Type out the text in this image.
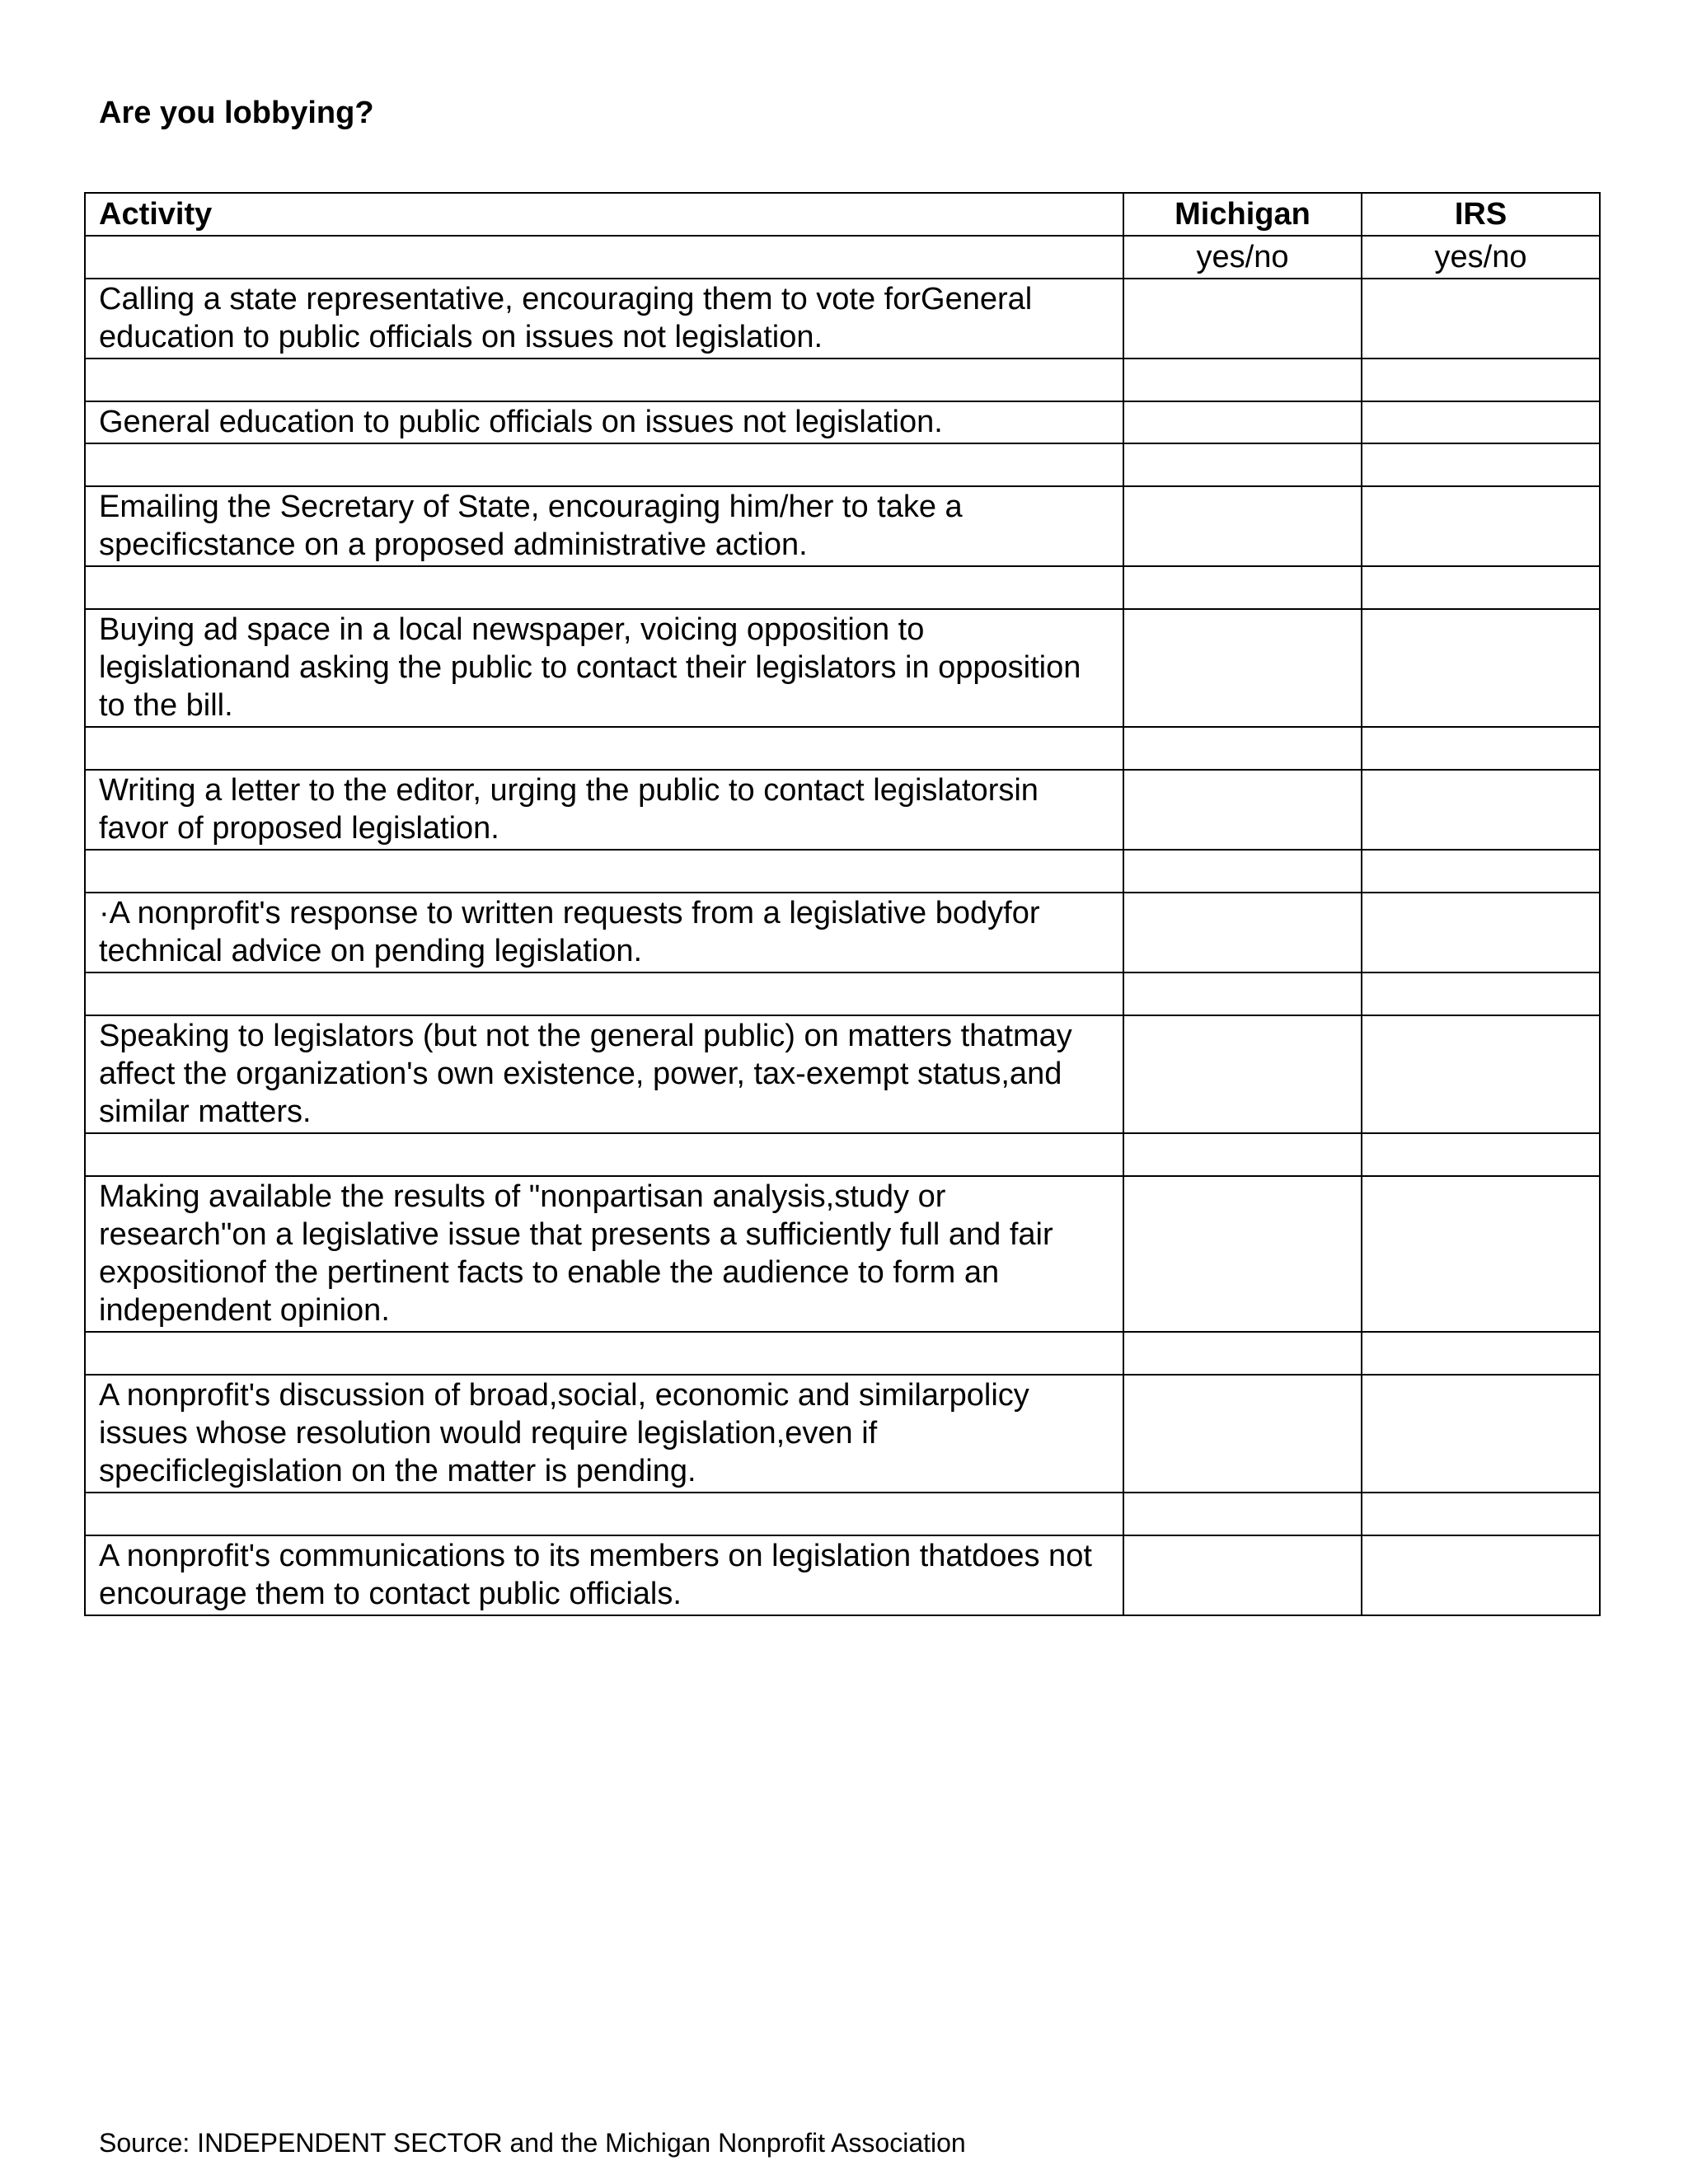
Are you lobbying?
Activity	Michigan	IRS
	yes/no	yes/no
Calling a state representative, encouraging them to vote forGeneral education to public officials on issues not legislation.		

General education to public officials on issues not legislation.		

Emailing the Secretary of State, encouraging him/her to take a specificstance on a proposed administrative action.		

Buying ad space in a local newspaper, voicing opposition to legislationand asking the public to contact their legislators in opposition to the bill.		

Writing a letter to the editor, urging the public to contact legislatorsin favor of proposed legislation.		

·A nonprofit's response to written requests from a legislative bodyfor technical advice on pending legislation.		

Speaking to legislators (but not the general public) on matters thatmay affect the organization's own existence, power, tax-exempt status,and similar matters.		

Making available the results of "nonpartisan analysis,study or research"on a legislative issue that presents a sufficiently full and fair expositionof the pertinent facts to enable the audience to form an independent opinion.		

A nonprofit's discussion of broad,social, economic and similarpolicy issues whose resolution would require legislation,even if specificlegislation on the matter is pending.		

A nonprofit's communications to its members on legislation thatdoes not encourage them to contact public officials.		

Source: INDEPENDENT SECTOR and the Michigan Nonprofit Association
